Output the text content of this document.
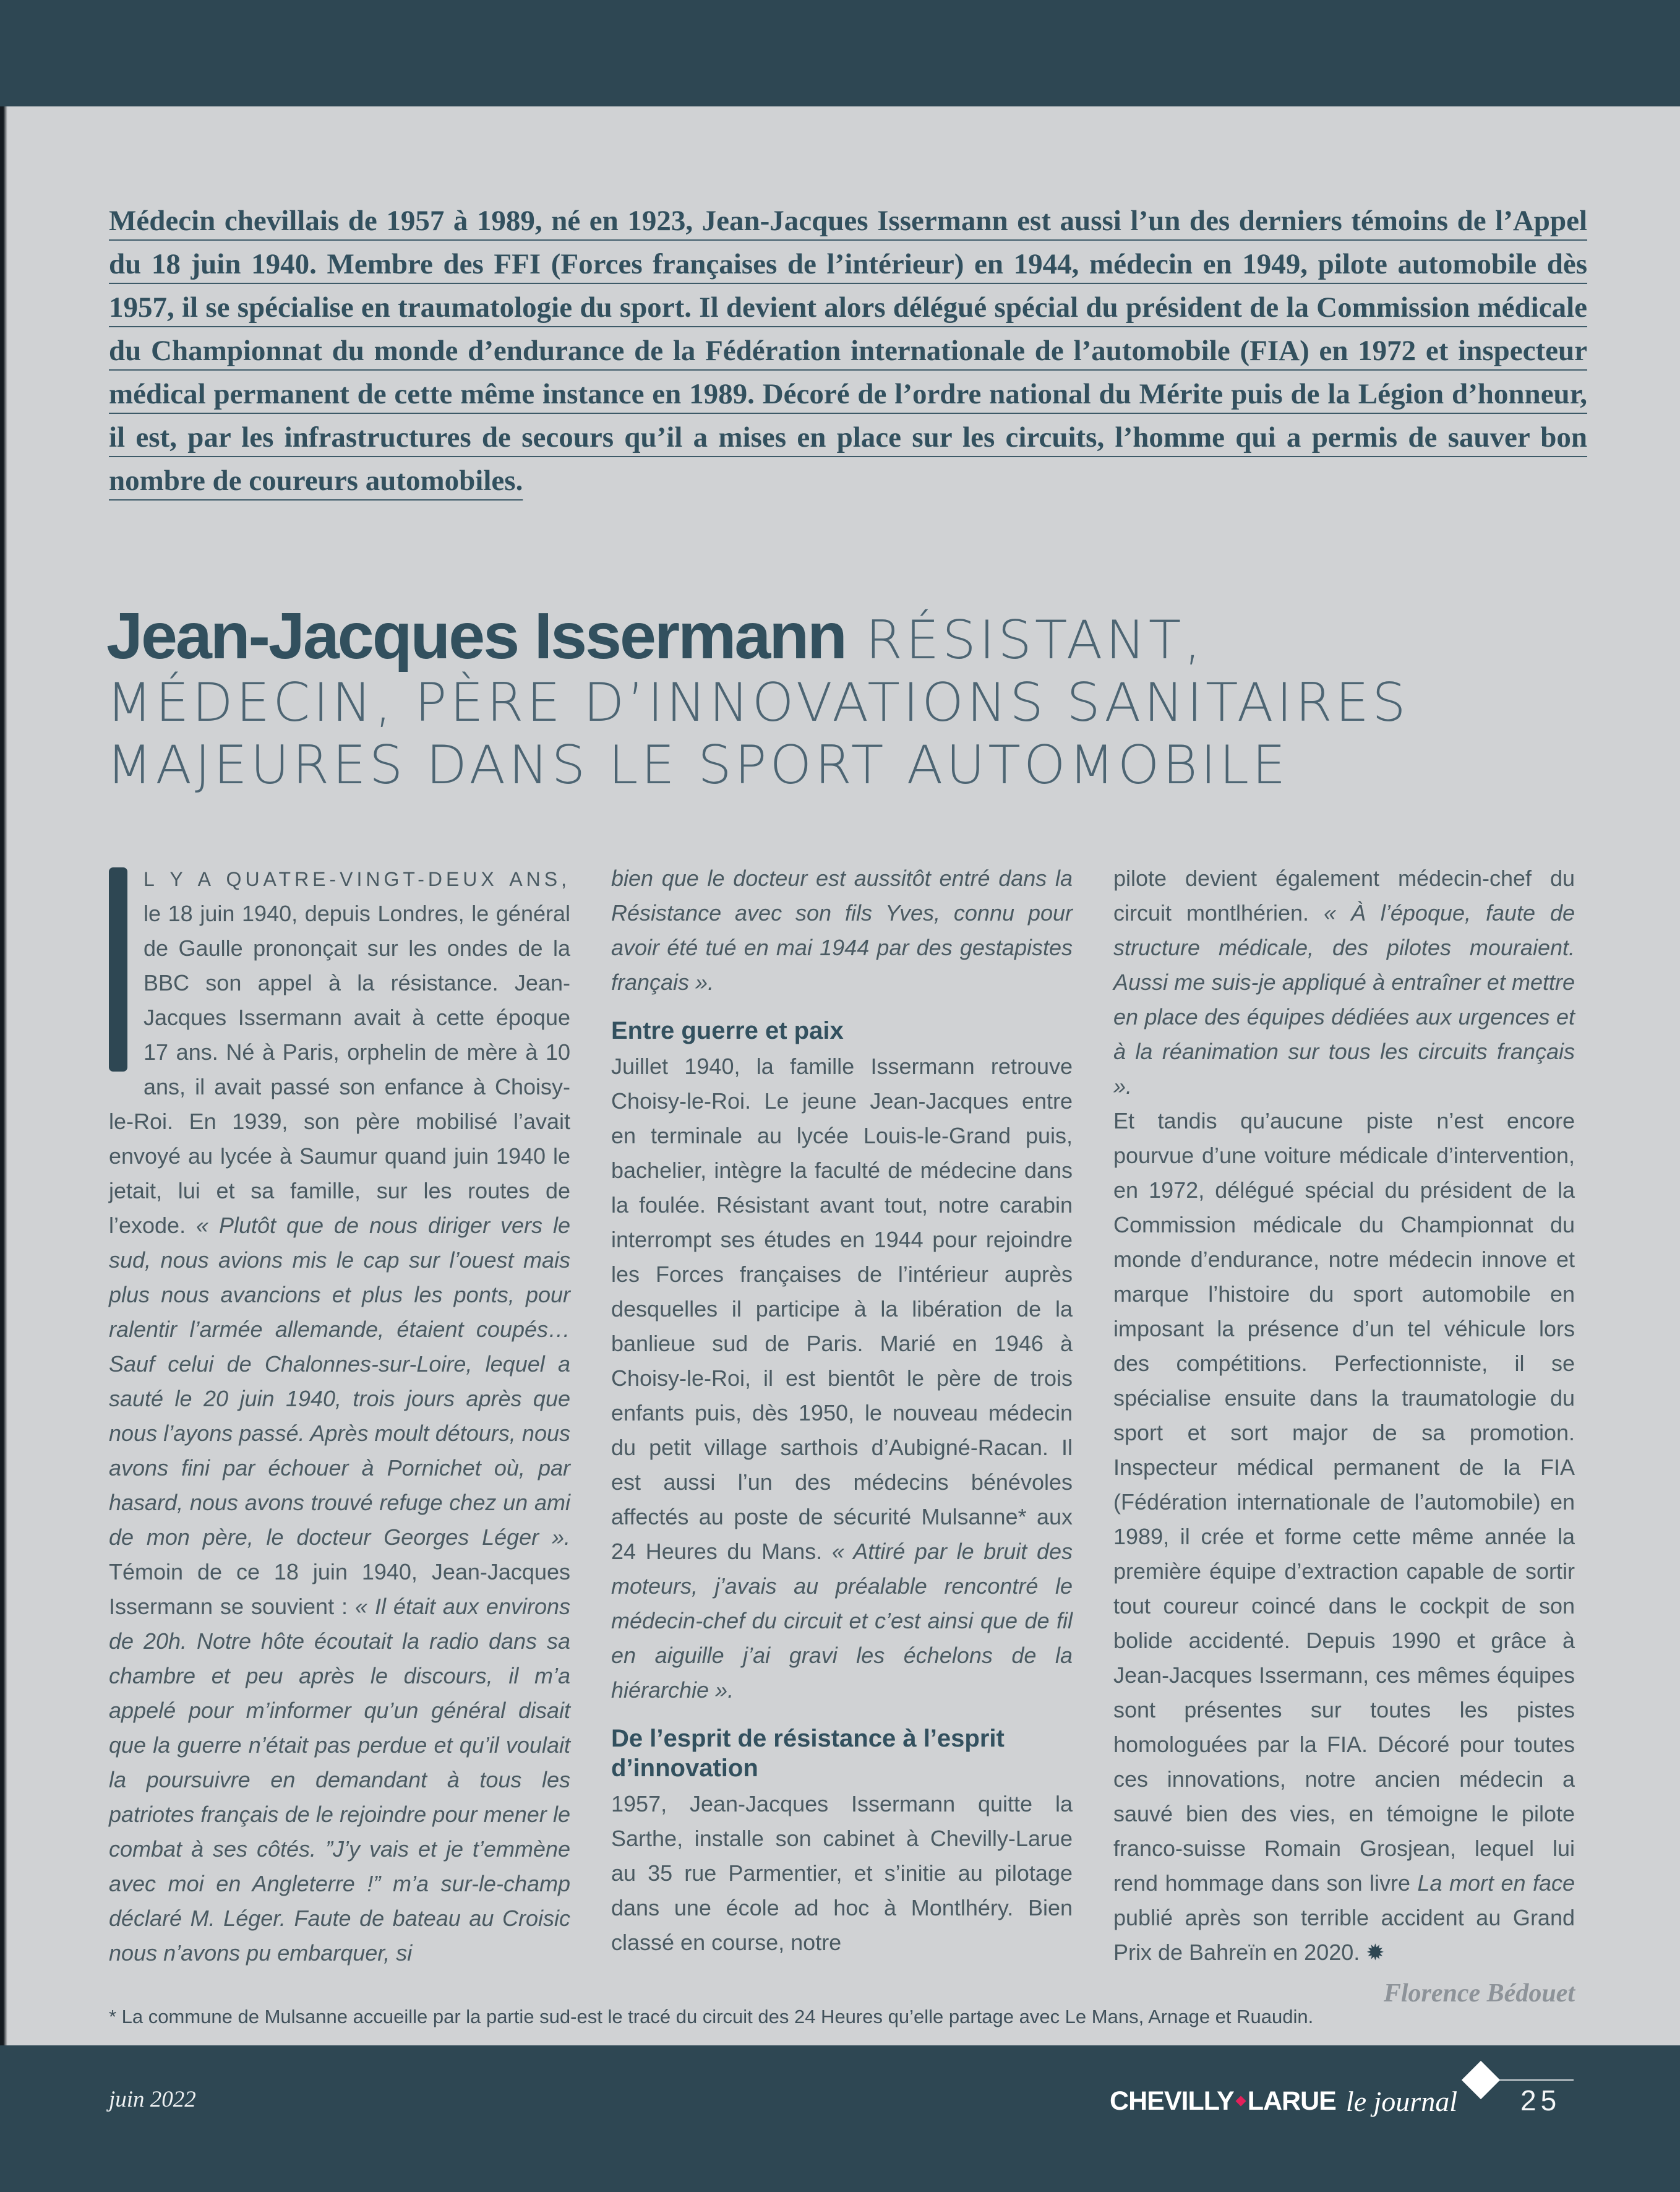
Médecin chevillais de 1957 à 1989, né en 1923, Jean-Jacques Issermann est aussi l’un des derniers témoins de l’Appel du 18 juin 1940. Membre des FFI (Forces françaises de l’intérieur) en 1944, médecin en 1949, pilote automobile dès 1957, il se spécialise en traumatologie du sport. Il devient alors délégué spécial du président de la Commission médicale du Championnat du monde d’endurance de la Fédération internationale de l’automobile (FIA) en 1972 et inspecteur médical permanent de cette même instance en 1989. Décoré de l’ordre national du Mérite puis de la Légion d’honneur, il est, par les infrastructures de secours qu’il a mises en place sur les circuits, l’homme qui a permis de sauver bon nombre de coureurs automobiles.
Jean-Jacques Issermann RÉSISTANT,
MÉDECIN, PÈRE D’INNOVATIONS SANITAIRES
MAJEURES DANS LE SPORT AUTOMOBILE

L Y A QUATRE-VINGT-DEUX ANS, le 18 juin 1940, depuis Londres, le général de Gaulle prononçait sur les ondes de la BBC son appel à la résistance. Jean- Jacques Issermann avait à cette époque 17 ans. Né à Paris, orphelin de mère à 10 ans, il avait passé son enfance à Choisy-le-Roi. En 1939, son père mobilisé l’avait envoyé au lycée à Saumur quand juin 1940 le jetait, lui et sa famille, sur les routes de l’exode. « Plutôt que de nous diriger vers le sud, nous avions mis le cap sur l’ouest mais plus nous avancions et plus les ponts, pour ralentir l’armée allemande, étaient coupés… Sauf celui de Chalonnes-sur-Loire, lequel a sauté le 20 juin 1940, trois jours après que nous l’ayons passé. Après moult détours, nous avons fini par échouer à Pornichet où, par hasard, nous avons trouvé refuge chez un ami de mon père, le docteur Georges Léger ». Témoin de ce 18 juin 1940, Jean-Jacques Issermann se souvient : « Il était aux environs de 20h. Notre hôte écoutait la radio dans sa chambre et peu après le discours, il m’a appelé pour m’informer qu’un général disait que la guerre n’était pas perdue et qu’il voulait la poursuivre en demandant à tous les patriotes français de le rejoindre pour mener le combat à ses côtés. ”J’y vais et je t’emmène avec moi en Angleterre !” m’a sur-le-champ déclaré M. Léger. Faute de bateau au Croisic nous n’avons pu embarquer, si

bien que le docteur est aussitôt entré dans la Résistance avec son fils Yves, connu pour avoir été tué en mai 1944 par des gestapistes français ».

Entre guerre et paix

Juillet 1940, la famille Issermann retrouve Choisy-le-Roi. Le jeune Jean-Jacques entre en terminale au lycée Louis-le-Grand puis, bachelier, intègre la faculté de médecine dans la foulée. Résistant avant tout, notre carabin interrompt ses études en 1944 pour rejoindre les Forces françaises de l’intérieur auprès desquelles il participe à la libération de la banlieue sud de Paris. Marié en 1946 à Choisy-le-Roi, il est bientôt le père de trois enfants puis, dès 1950, le nouveau médecin du petit village sarthois d’Aubigné-Racan. Il est aussi l’un des médecins bénévoles affectés au poste de sécurité Mulsanne* aux 24 Heures du Mans. « Attiré par le bruit des moteurs, j’avais au préalable rencontré le médecin-chef du circuit et c’est ainsi que de fil en aiguille j’ai gravi les échelons de la hiérarchie ».

De l’esprit de résistance à l’esprit d’innovation

1957, Jean-Jacques Issermann quitte la Sarthe, installe son cabinet à Chevilly-Larue au 35 rue Parmentier, et s’initie au pilotage dans une école ad hoc à Montlhéry. Bien classé en course, notre

pilote devient également médecin-chef du circuit montlhérien. « À l’époque, faute de structure médicale, des pilotes mouraient. Aussi me suis-je appliqué à entraîner et mettre en place des équipes dédiées aux urgences et à la réanimation sur tous les circuits français ».

Et tandis qu’aucune piste n’est encore pourvue d’une voiture médicale d’intervention, en 1972, délégué spécial du président de la Commission médicale du Championnat du monde d’endurance, notre médecin innove et marque l’histoire du sport automobile en imposant la présence d’un tel véhicule lors des compétitions. Perfectionniste, il se spécialise ensuite dans la traumatologie du sport et sort major de sa promotion. Inspecteur médical permanent de la FIA (Fédération internationale de l’automobile) en 1989, il crée et forme cette même année la première équipe d’extraction capable de sortir tout coureur coincé dans le cockpit de son bolide accidenté. Depuis 1990 et grâce à Jean-Jacques Issermann, ces mêmes équipes sont présentes sur toutes les pistes homologuées par la FIA. Décoré pour toutes ces innovations, notre ancien médecin a sauvé bien des vies, en témoigne le pilote franco-suisse Romain Grosjean, lequel lui rend hommage dans son livre La mort en face publié après son terrible accident au Grand Prix de Bahreïn en 2020. ✹

Florence Bédouet
* La commune de Mulsanne accueille par la partie sud-est le tracé du circuit des 24 Heures qu’elle partage avec Le Mans, Arnage et Ruaudin.
juin 2022	CHEVILLY LARUE le journal 25
